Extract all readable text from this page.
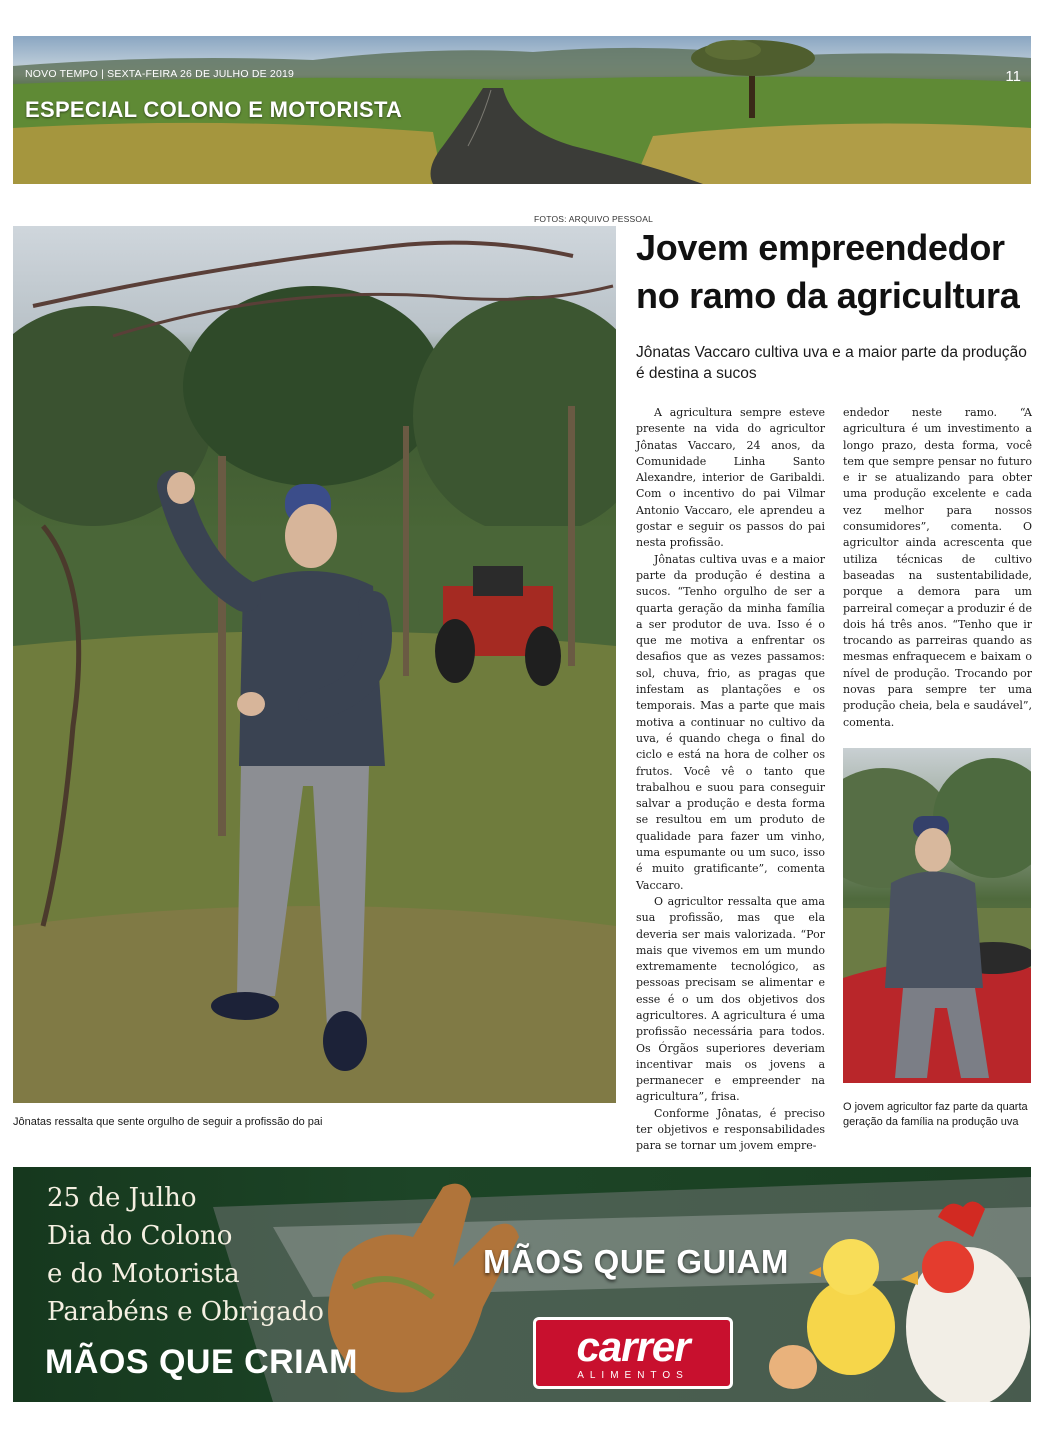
NOVO TEMPO | SEXTA-FEIRA 26 DE JULHO DE 2019
ESPECIAL COLONO E MOTORISTA
11
FOTOS: ARQUIVO PESSOAL
Jônatas ressalta que sente orgulho de seguir a profissão do pai
Jovem empreendedor
no ramo da agricultura
Jônatas Vaccaro cultiva uva e a maior parte da produção é destina a sucos

A agricultura sempre esteve presente na vida do agricultor Jônatas Vaccaro, 24 anos, da Comunidade Linha Santo Alexandre, interior de Garibaldi. Com o incentivo do pai Vilmar Antonio Vaccaro, ele aprendeu a gostar e seguir os passos do pai nesta profissão.

Jônatas cultiva uvas e a maior parte da produção é destina a sucos. “Tenho orgulho de ser a quarta geração da minha família a ser produtor de uva. Isso é o que me motiva a enfrentar os desafios que as vezes passamos: sol, chuva, frio, as pragas que infestam as plantações e os temporais. Mas a parte que mais motiva a continuar no cultivo da uva, é quando chega o final do ciclo e está na hora de colher os frutos. Você vê o tanto que trabalhou e suou para conseguir salvar a produção e desta forma se resultou em um produto de qualidade para fazer um vinho, uma espumante ou um suco, isso é muito gratificante”, comenta Vaccaro.

O agricultor ressalta que ama sua profissão, mas que ela deveria ser mais valorizada. “Por mais que vivemos em um mundo extremamente tecnológico, as pessoas precisam se alimentar e esse é o um dos objetivos dos agricultores. A agricultura é uma profissão necessária para todos. Os Órgãos superiores deveriam incentivar mais os jovens a permanecer e empreender na agricultura”, frisa.

Conforme Jônatas, é preciso ter objetivos e responsabilidades para se tornar um jovem empre-

endedor neste ramo. “A agricultura é um investimento a longo prazo, desta forma, você tem que sempre pensar no futuro e ir se atualizando para obter uma produção excelente e cada vez melhor para nossos consumidores”, comenta. O agricultor ainda acrescenta que utiliza técnicas de cultivo baseadas na sustentabilidade, porque a demora para um parreiral começar a produzir é de dois há três anos. “Tenho que ir trocando as parreiras quando as mesmas enfraquecem e baixam o nível de produção. Trocando por novas para sempre ter uma produção cheia, bela e saudável”, comenta.
O jovem agricultor faz parte da quarta geração da família na produção uva
25 de Julho
Dia do Colono
e do Motorista
Parabéns e Obrigado
MÃOS QUE CRIAM
MÃOS QUE GUIAM
carrer
ALIMENTOS
